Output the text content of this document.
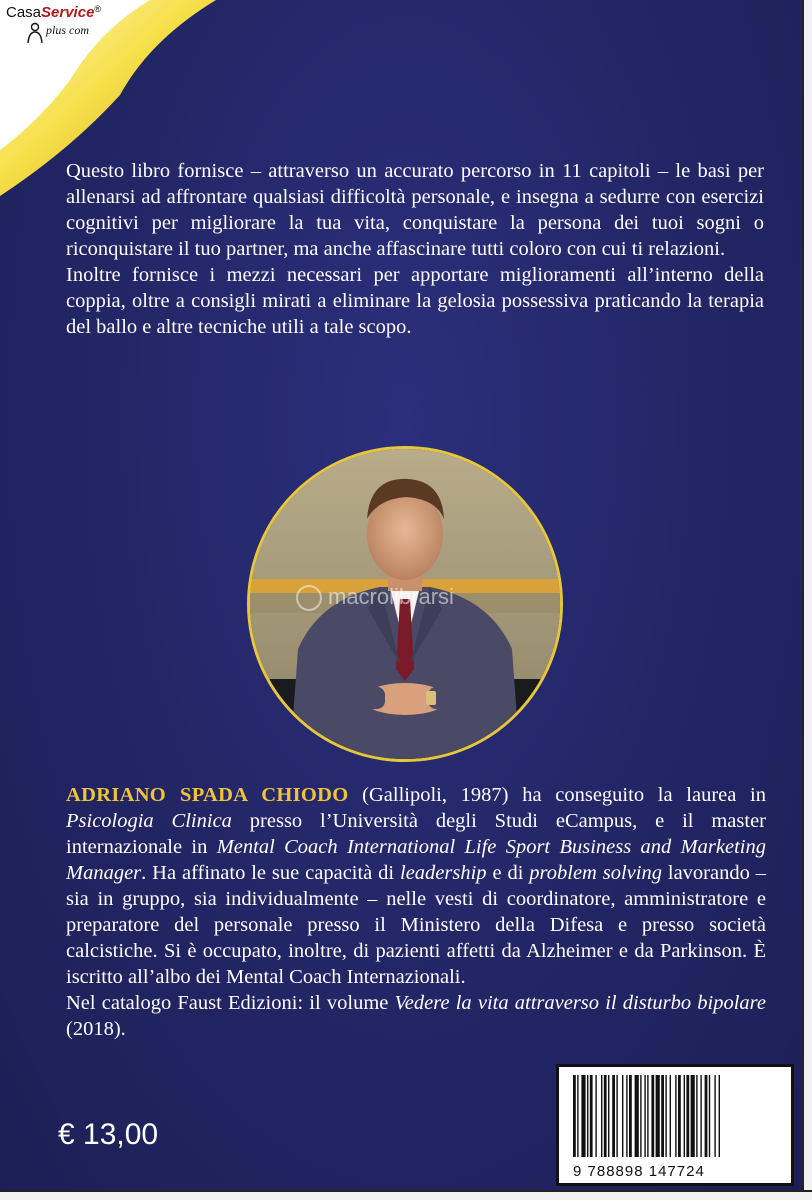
CasaService®
plus com

Questo libro fornisce – attraverso un accurato percorso in 11 capitoli – le basi per allenarsi ad affrontare qualsiasi difficoltà personale, e insegna a sedurre con esercizi cognitivi per migliorare la tua vita, conquistare la persona dei tuoi sogni o riconquistare il tuo partner, ma anche affascinare tutti coloro con cui ti relazioni.

Inoltre fornisce i mezzi necessari per apportare miglioramenti all’interno della coppia, oltre a consigli mirati a eliminare la gelosia possessiva praticando la terapia del ballo e altre tecniche utili a tale scopo.

macrolibrarsi

ADRIANO SPADA CHIODO (Gallipoli, 1987) ha conseguito la laurea in Psicologia Clinica presso l’Università degli Studi eCampus, e il master internazionale in Mental Coach International Life Sport Business and Marketing Manager. Ha affinato le sue capacità di leadership e di problem solving lavorando – sia in gruppo, sia individualmente – nelle vesti di coordinatore, amministratore e preparatore del personale presso il Ministero della Difesa e presso società calcistiche. Si è occupato, inoltre, di pazienti affetti da Alzheimer e da Parkinson. È iscritto all’albo dei Mental Coach Internazionali.

Nel catalogo Faust Edizioni: il volume Vedere la vita attraverso il disturbo bipolare (2018).

€ 13,00
9 788898 147724
